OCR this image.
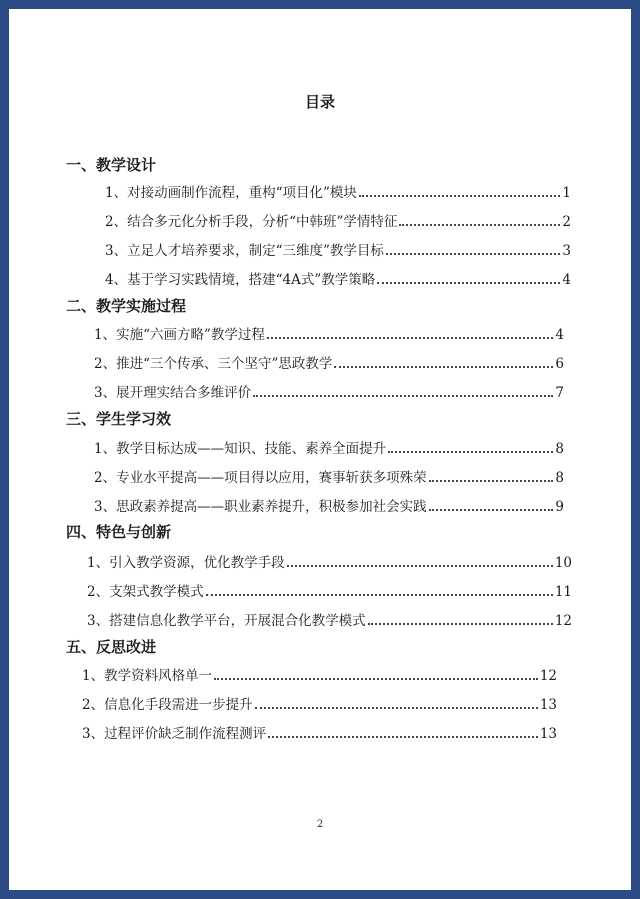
目录
一、教学设计
1、对接动画制作流程，重构“项目化”模块	1
2、结合多元化分析手段，分析“中韩班”学情特征	2
3、立足人才培养要求，制定“三维度”教学目标	3
4、基于学习实践情境，搭建“4A式”教学策略	4
二、教学实施过程
1、实施“六画方略”教学过程	4
2、推进“三个传承、三个坚守”思政教学	6
3、展开理实结合多维评价	7
三、学生学习效
1、教学目标达成——知识、技能、素养全面提升	8
2、专业水平提高——项目得以应用，赛事斩获多项殊荣	8
3、思政素养提高——职业素养提升，积极参加社会实践	9
四、特色与创新
1、引入教学资源，优化教学手段	10
2、支架式教学模式	11
3、搭建信息化教学平台，开展混合化教学模式	12
五、反思改进
1、教学资料风格单一	12
2、信息化手段需进一步提升	13
3、过程评价缺乏制作流程测评	13
2
